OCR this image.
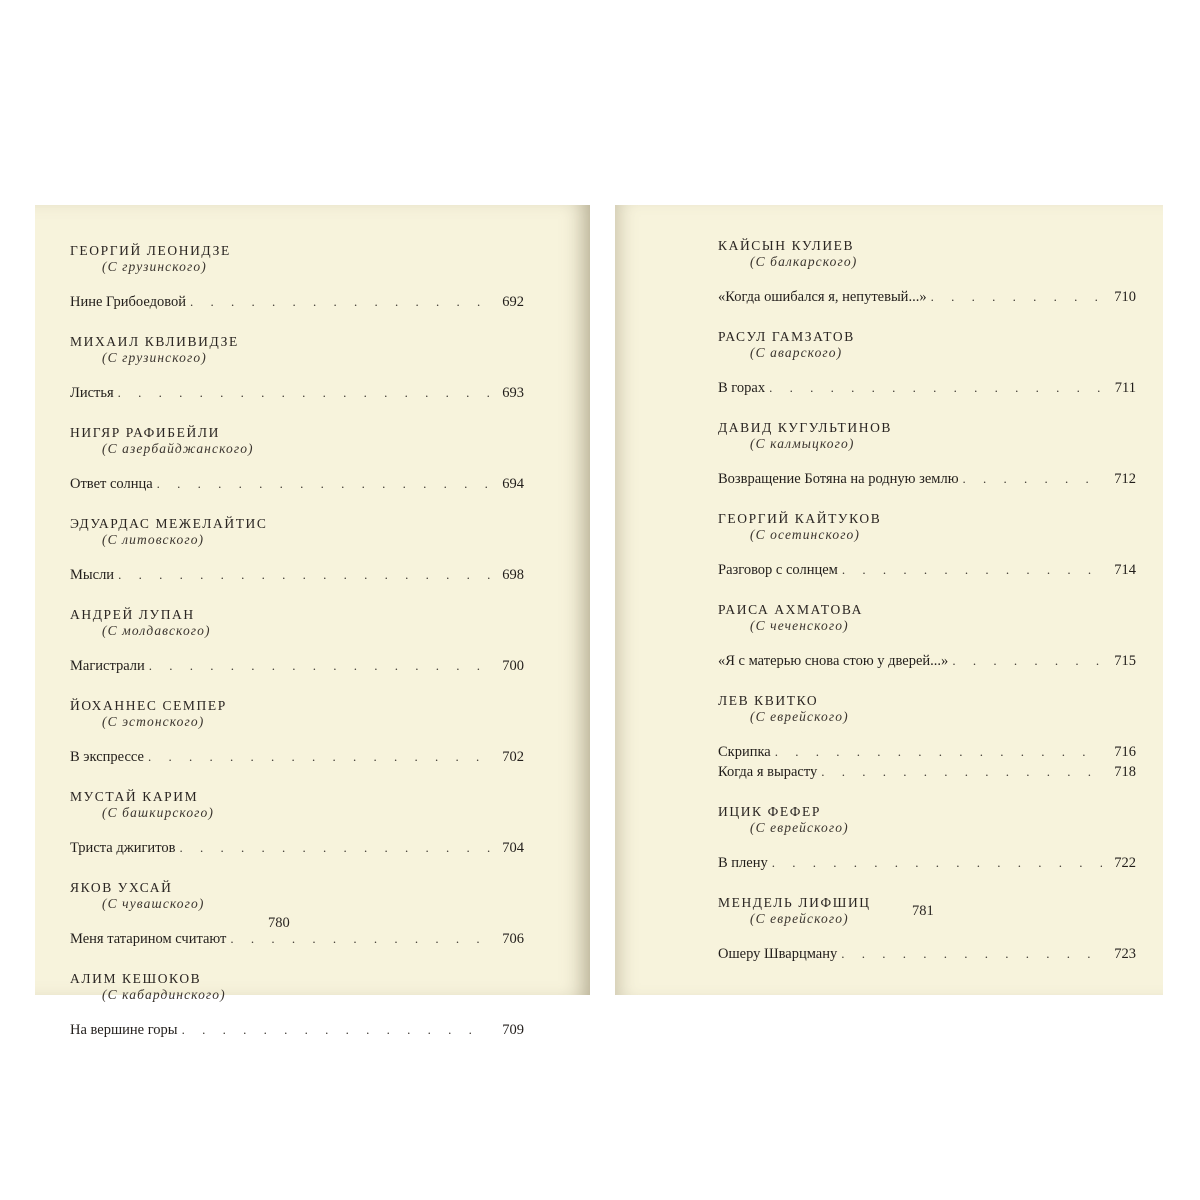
ГЕОРГИЙ ЛЕОНИДЗЕ
(С грузинского)
Нине Грибоедовой . . .	692
МИХАИЛ КВЛИВИДЗЕ
(С грузинского)
Листья . . .	693
НИГЯР РАФИБЕЙЛИ
(С азербайджанского)
Ответ солнца . . .	694
ЭДУАРДАС МЕЖЕЛАЙТИС
(С литовского)
Мысли . . .	698
АНДРЕЙ ЛУПАН
(С молдавского)
Магистрали . . .	700
ЙОХАННЕС СЕМПЕР
(С эстонского)
В экспрессе . . .	702
МУСТАЙ КАРИМ
(С башкирского)
Триста джигитов . . .	704
ЯКОВ УХСАЙ
(С чувашского)
Меня татарином считают . . .	706
АЛИМ КЕШОКОВ
(С кабардинского)
На вершине горы . . .	709
780
КАЙСЫН КУЛИЕВ
(С балкарского)
«Когда ошибался я, непутевый...» . . .	710
РАСУЛ ГАМЗАТОВ
(С аварского)
В горах . . .	711
ДАВИД КУГУЛЬТИНОВ
(С калмыцкого)
Возвращение Ботяна на родную землю . . .	712
ГЕОРГИЙ КАЙТУКОВ
(С осетинского)
Разговор с солнцем . . .	714
РАИСА АХМАТОВА
(С чеченского)
«Я с матерью снова стою у дверей...» . . .	715
ЛЕВ КВИТКО
(С еврейского)
Скрипка . . .	716
Когда я вырасту . . .	718
ИЦИК ФЕФЕР
(С еврейского)
В плену . . .	722
МЕНДЕЛЬ ЛИФШИЦ
(С еврейского)
Ошеру Шварцману . . .	723
781
